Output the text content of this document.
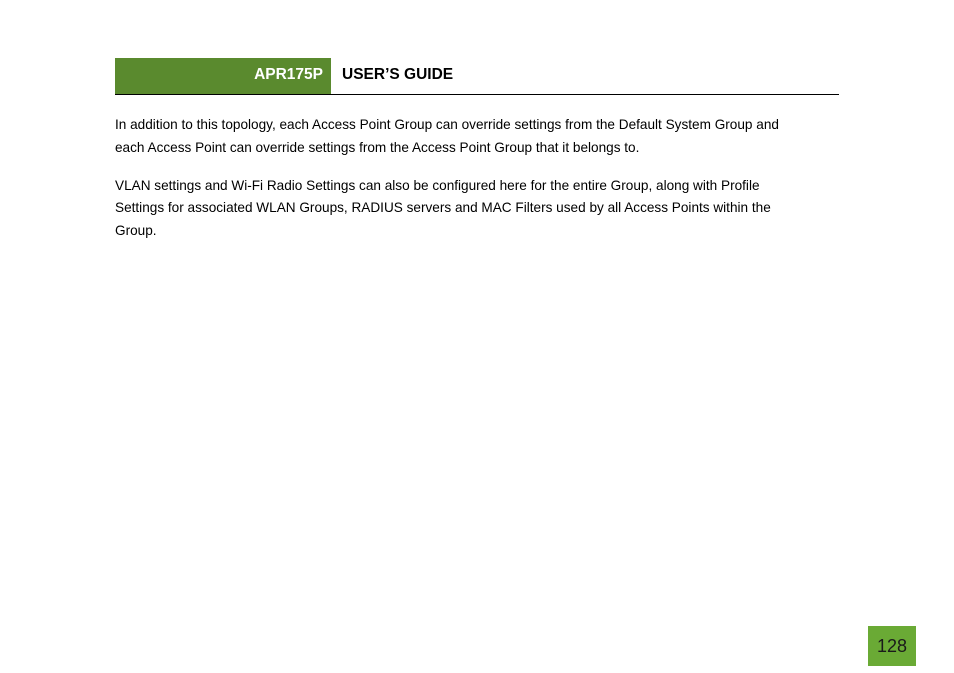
APR175P USER’S GUIDE

In addition to this topology, each Access Point Group can override settings from the Default System Group and
each Access Point can override settings from the Access Point Group that it belongs to.

VLAN settings and Wi-Fi Radio Settings can also be configured here for the entire Group, along with Profile
Settings for associated WLAN Groups, RADIUS servers and MAC Filters used by all Access Points within the
Group.

128
